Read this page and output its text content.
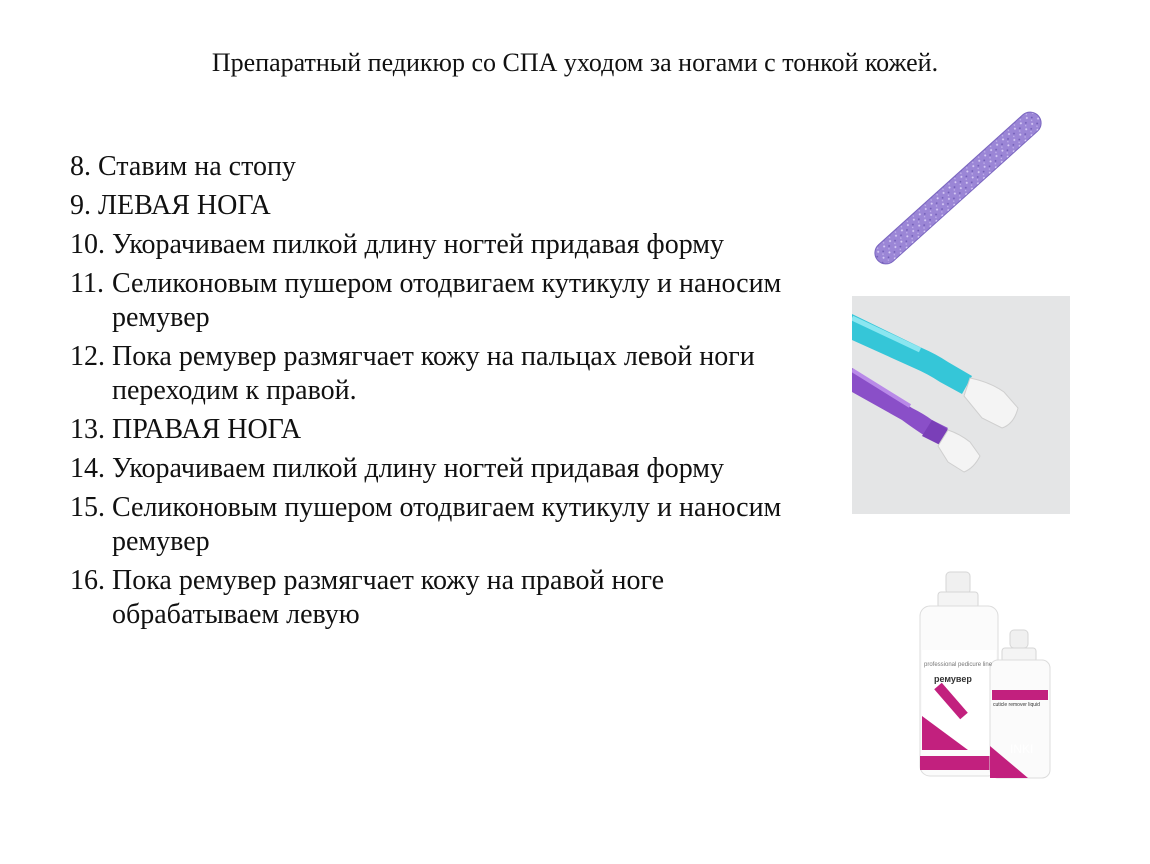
Препаратный педикюр со СПА уходом за ногами с тонкой кожей.
8. Ставим на стопу
9. ЛЕВАЯ НОГА
10. Укорачиваем пилкой длину ногтей придавая форму
11. Селиконовым пушером отодвигаем кутикулу и наносим ремувер
12. Пока ремувер размягчает кожу на пальцах левой ноги переходим к правой.
13. ПРАВАЯ НОГА
14. Укорачиваем пилкой длину ногтей придавая форму
15. Селиконовым пушером отодвигаем кутикулу и наносим ремувер
16. Пока ремувер размягчает кожу на правой ноге обрабатываем левую
professional pedicure line
ремувер
cuticle remover liquid
INKI
